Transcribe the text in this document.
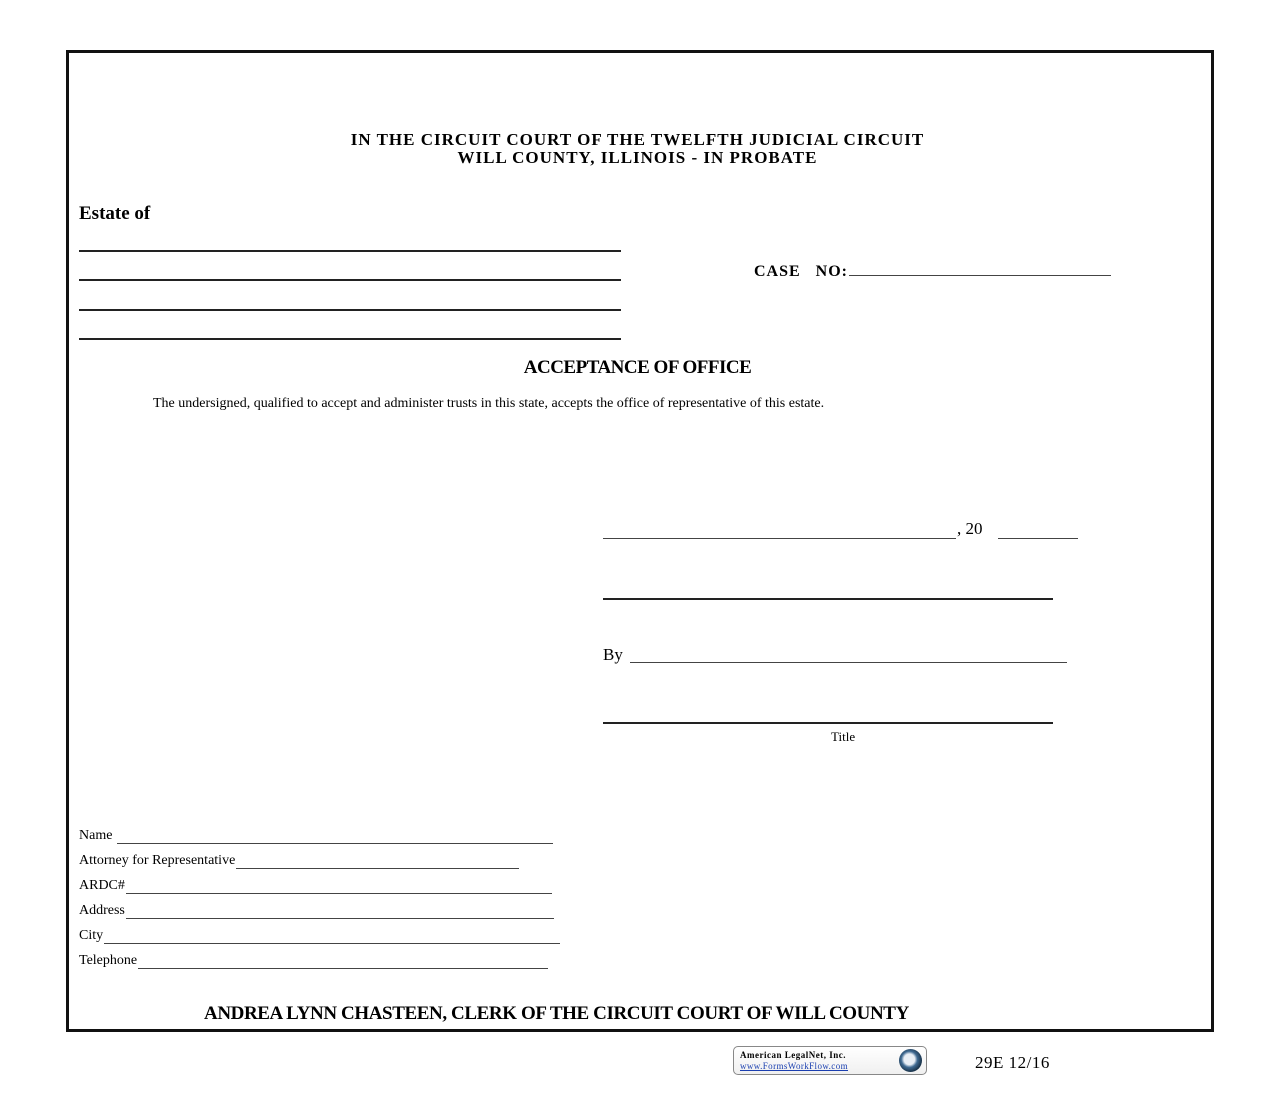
IN THE CIRCUIT COURT OF THE TWELFTH JUDICIAL CIRCUIT
WILL COUNTY, ILLINOIS - IN PROBATE
Estate of
CASE   NO:
ACCEPTANCE OF OFFICE
The undersigned, qualified to accept and administer trusts in this state, accepts the office of representative of this estate.
, 20
By
Title
Name
Attorney for Representative
ARDC#
Address
City
Telephone
ANDREA LYNN CHASTEEN, CLERK OF THE CIRCUIT COURT OF WILL COUNTY
American LegalNet, Inc.
www.FormsWorkFlow.com	29E 12/16
